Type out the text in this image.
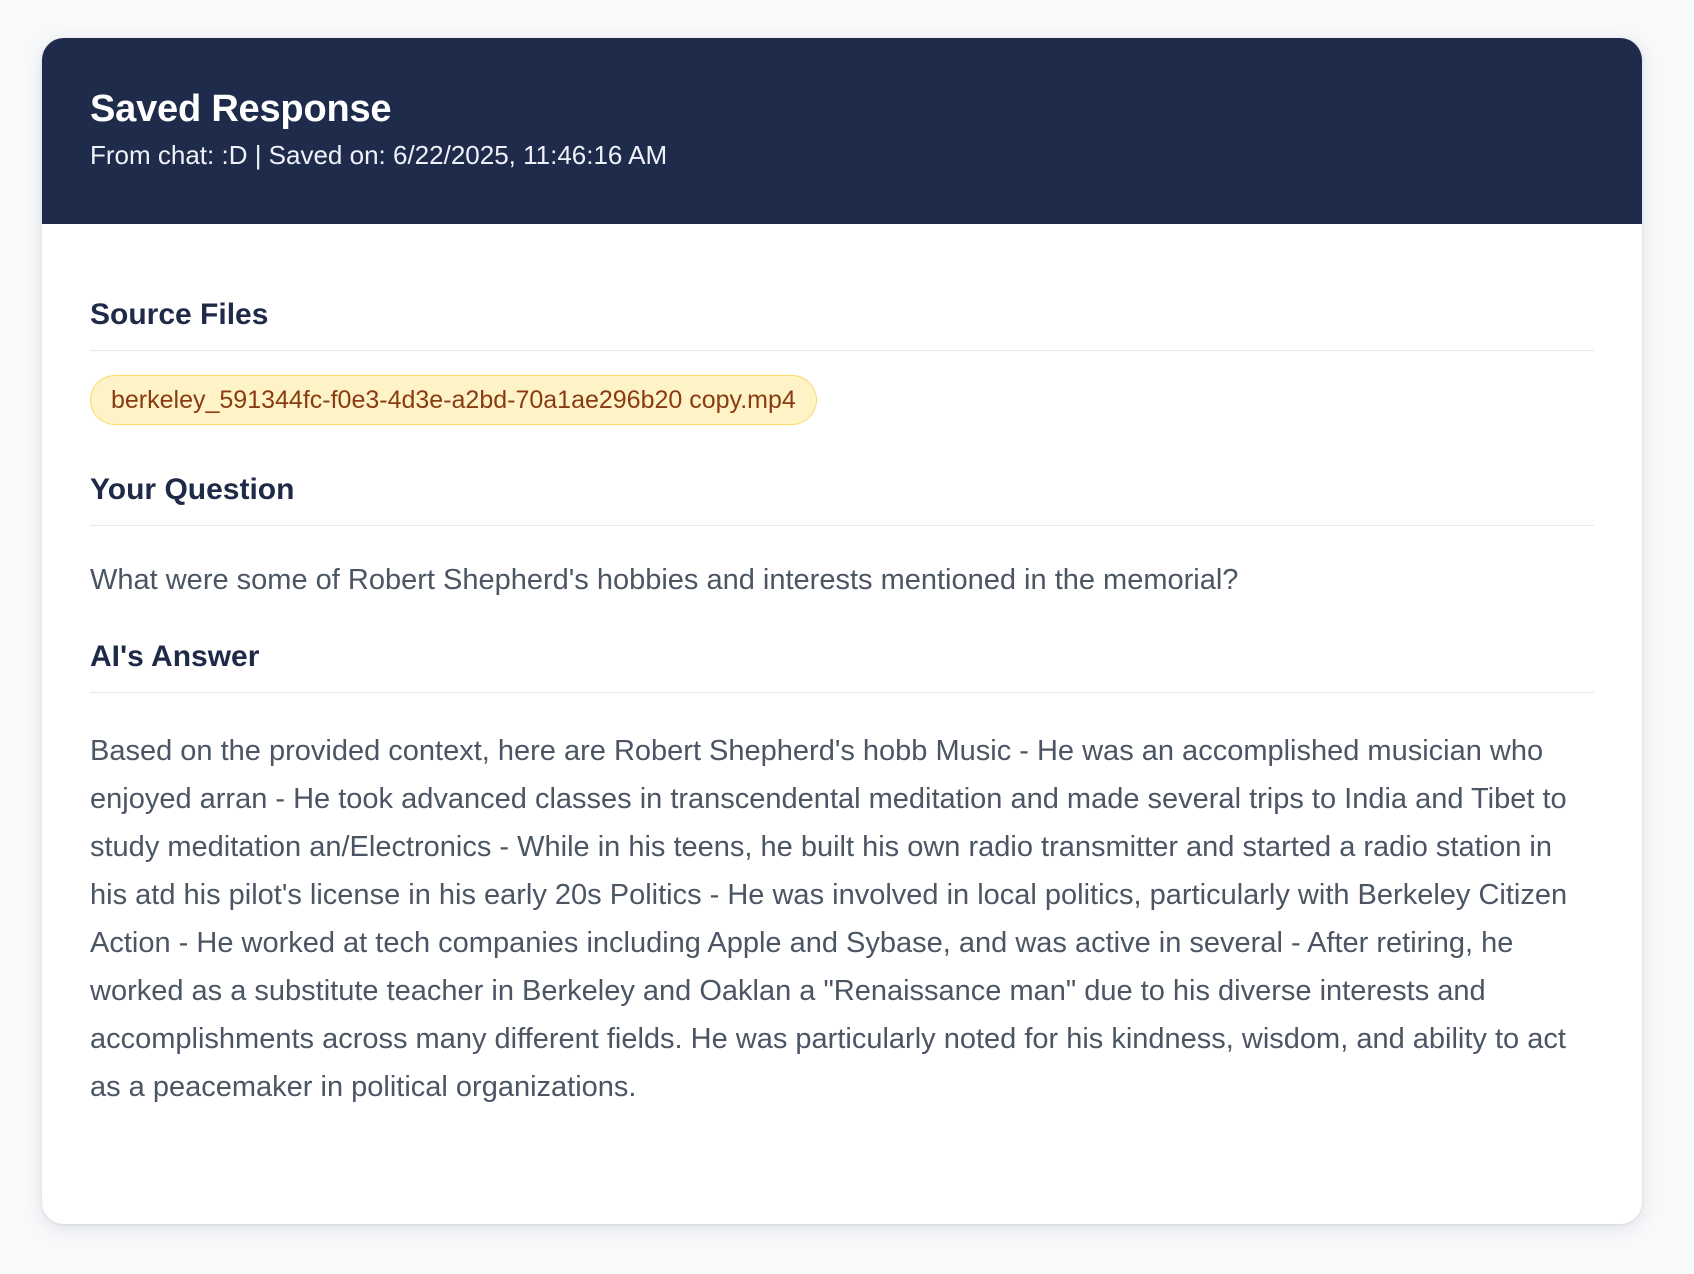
Saved Response
From chat: :D | Saved on: 6/22/2025, 11:46:16 AM
Source Files
berkeley_591344fc-f0e3-4d3e-a2bd-70a1ae296b20 copy.mp4
Your Question

What were some of Robert Shepherd's hobbies and interests mentioned in the memorial?

AI's Answer

Based on the provided context, here are Robert Shepherd's hobb Music - He was an accomplished musician who enjoyed arran - He took advanced classes in transcendental meditation and made several trips to India and Tibet to study meditation an/Electronics - While in his teens, he built his own radio transmitter and started a radio station in his atd his pilot's license in his early 20s Politics - He was involved in local politics, particularly with Berkeley Citizen Action - He worked at tech companies including Apple and Sybase, and was active in several - After retiring, he worked as a substitute teacher in Berkeley and Oaklan a "Renaissance man" due to his diverse interests and accomplishments across many different fields. He was particularly noted for his kindness, wisdom, and ability to act as a peacemaker in political organizations.
